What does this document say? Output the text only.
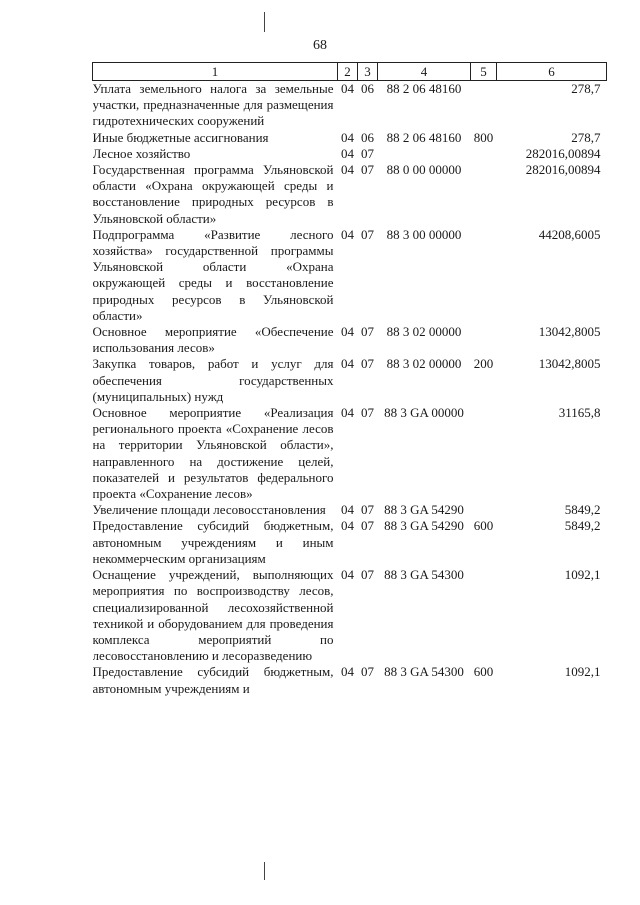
68
1	2	3	4	5	6
Уплата земельного налога за земельные участки, предназначенные для размещения гидротехнических сооружений	04	06	88 2 06 48160		278,7
Иные бюджетные ассигнования	04	06	88 2 06 48160	800	278,7
Лесное хозяйство	04	07			282016,00894
Государственная программа Ульяновской области «Охрана окружающей среды и восстановление природных ресурсов в Ульяновской области»	04	07	88 0 00 00000		282016,00894
Подпрограмма «Развитие лесного хозяйства» государственной программы Ульяновской области «Охрана окружающей среды и восстановление природных ресурсов в Ульяновской области»	04	07	88 3 00 00000		44208,6005
Основное мероприятие «Обеспечение использования лесов»	04	07	88 3 02 00000		13042,8005
Закупка товаров, работ и услуг для обеспечения государственных (муниципальных) нужд	04	07	88 3 02 00000	200	13042,8005
Основное мероприятие «Реализация регионального проекта «Сохранение лесов на территории Ульяновской области», направленного на достижение целей, показателей и результатов федерального проекта «Сохранение лесов»	04	07	88 3 GA 00000		31165,8
Увеличение площади лесовосстановления	04	07	88 3 GA 54290		5849,2
Предоставление субсидий бюджетным, автономным учреждениям и иным некоммерческим организациям	04	07	88 3 GA 54290	600	5849,2
Оснащение учреждений, выполняющих мероприятия по воспроизводству лесов, специализированной лесохозяйственной техникой и оборудованием для проведения комплекса мероприятий по лесовосстановлению и лесоразведению	04	07	88 3 GA 54300		1092,1
Предоставление субсидий бюджетным, автономным учреждениям и	04	07	88 3 GA 54300	600	1092,1
